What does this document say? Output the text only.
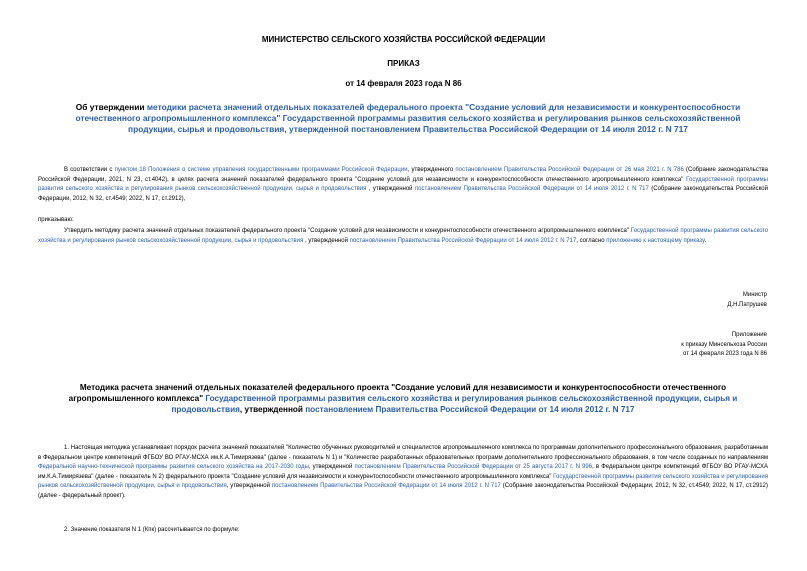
МИНИСТЕРСТВО СЕЛЬСКОГО ХОЗЯЙСТВА РОССИЙСКОЙ ФЕДЕРАЦИИ
ПРИКАЗ
от 14 февраля 2023 года N 86
Об утверждении методики расчета значений отдельных показателей федерального проекта "Создание условий для независимости и конкурентоспособности отечественного агропромышленного комплекса" Государственной программы развития сельского хозяйства и регулирования рынков сельскохозяйственной продукции, сырья и продовольствия, утвержденной постановлением Правительства Российской Федерации от 14 июля 2012 г. N 717
В соответствии с пунктом 18 Положения о системе управления государственными программами Российской Федерации, утвержденного постановлением Правительства Российской Федерации от 26 мая 2021 г. N 786 (Собрание законодательства Российской Федерации, 2021, N 23, ст.4042), в целях расчета значений показателей федерального проекта "Создание условий для независимости и конкурентоспособности отечественного агропромышленного комплекса" Государственной программы развития сельского хозяйства и регулирования рынков сельскохозяйственной продукции, сырья и продовольствия , утвержденной постановлением Правительства Российской Федерации от 14 июля 2012 г. N 717 (Собрание законодательства Российской Федерации, 2012, N 32, ст.4549; 2022, N 17, ст.2912),
приказываю:
Утвердить методику расчета значений отдельных показателей федерального проекта "Создание условий для независимости и конкурентоспособности отечественного агропромышленного комплекса" Государственной программы развития сельского хозяйства и регулирования рынков сельскохозяйственной продукции, сырья и продовольствия , утвержденной постановлением Правительства Российской Федерации от 14 июля 2012 г. N 717, согласно приложению к настоящему приказу.
Министр
Д.Н.Патрушев
Приложение
к приказу Минсельхоза России
от 14 февраля 2023 года N 86
Методика расчета значений отдельных показателей федерального проекта "Создание условий для независимости и конкурентоспособности отечественного агропромышленного комплекса" Государственной программы развития сельского хозяйства и регулирования рынков сельскохозяйственной продукции, сырья и продовольствия, утвержденной постановлением Правительства Российской Федерации от 14 июля 2012 г. N 717
1. Настоящая методика устанавливает порядок расчета значений показателей "Количество обученных руководителей и специалистов агропромышленного комплекса по программам дополнительного профессионального образования, разработанным в Федеральном центре компетенций ФГБОУ ВО РГАУ-МСХА им.К.А.Тимирязева" (далее - показатель N 1) и "Количество разработанных образовательных программ дополнительного профессионального образования, в том числе созданных по направлениям Федеральной научно-технической программы развития сельского хозяйства на 2017-2030 годы, утвержденной постановлением Правительства Российской Федерации от 25 августа 2017 г. N 996, в Федеральном центре компетенций ФГБОУ ВО РГАУ-МСХА им.К.А.Тимирязева" (далее - показатель N 2) федерального проекта "Создание условий для независимости и конкурентоспособности отечественного агропромышленного комплекса" Государственной программы развития сельского хозяйства и регулирования рынков сельскохозяйственной продукции, сырья и продовольствия, утвержденной постановлением Правительства Российской Федерации от 14 июля 2012 г. N 717 (Собрание законодательства Российской Федерации, 2012, N 32, ст.4549; 2022, N 17, ст.2912) (далее - федеральный проект).
2. Значение показателя N 1 (Кпк) рассчитывается по формуле:
